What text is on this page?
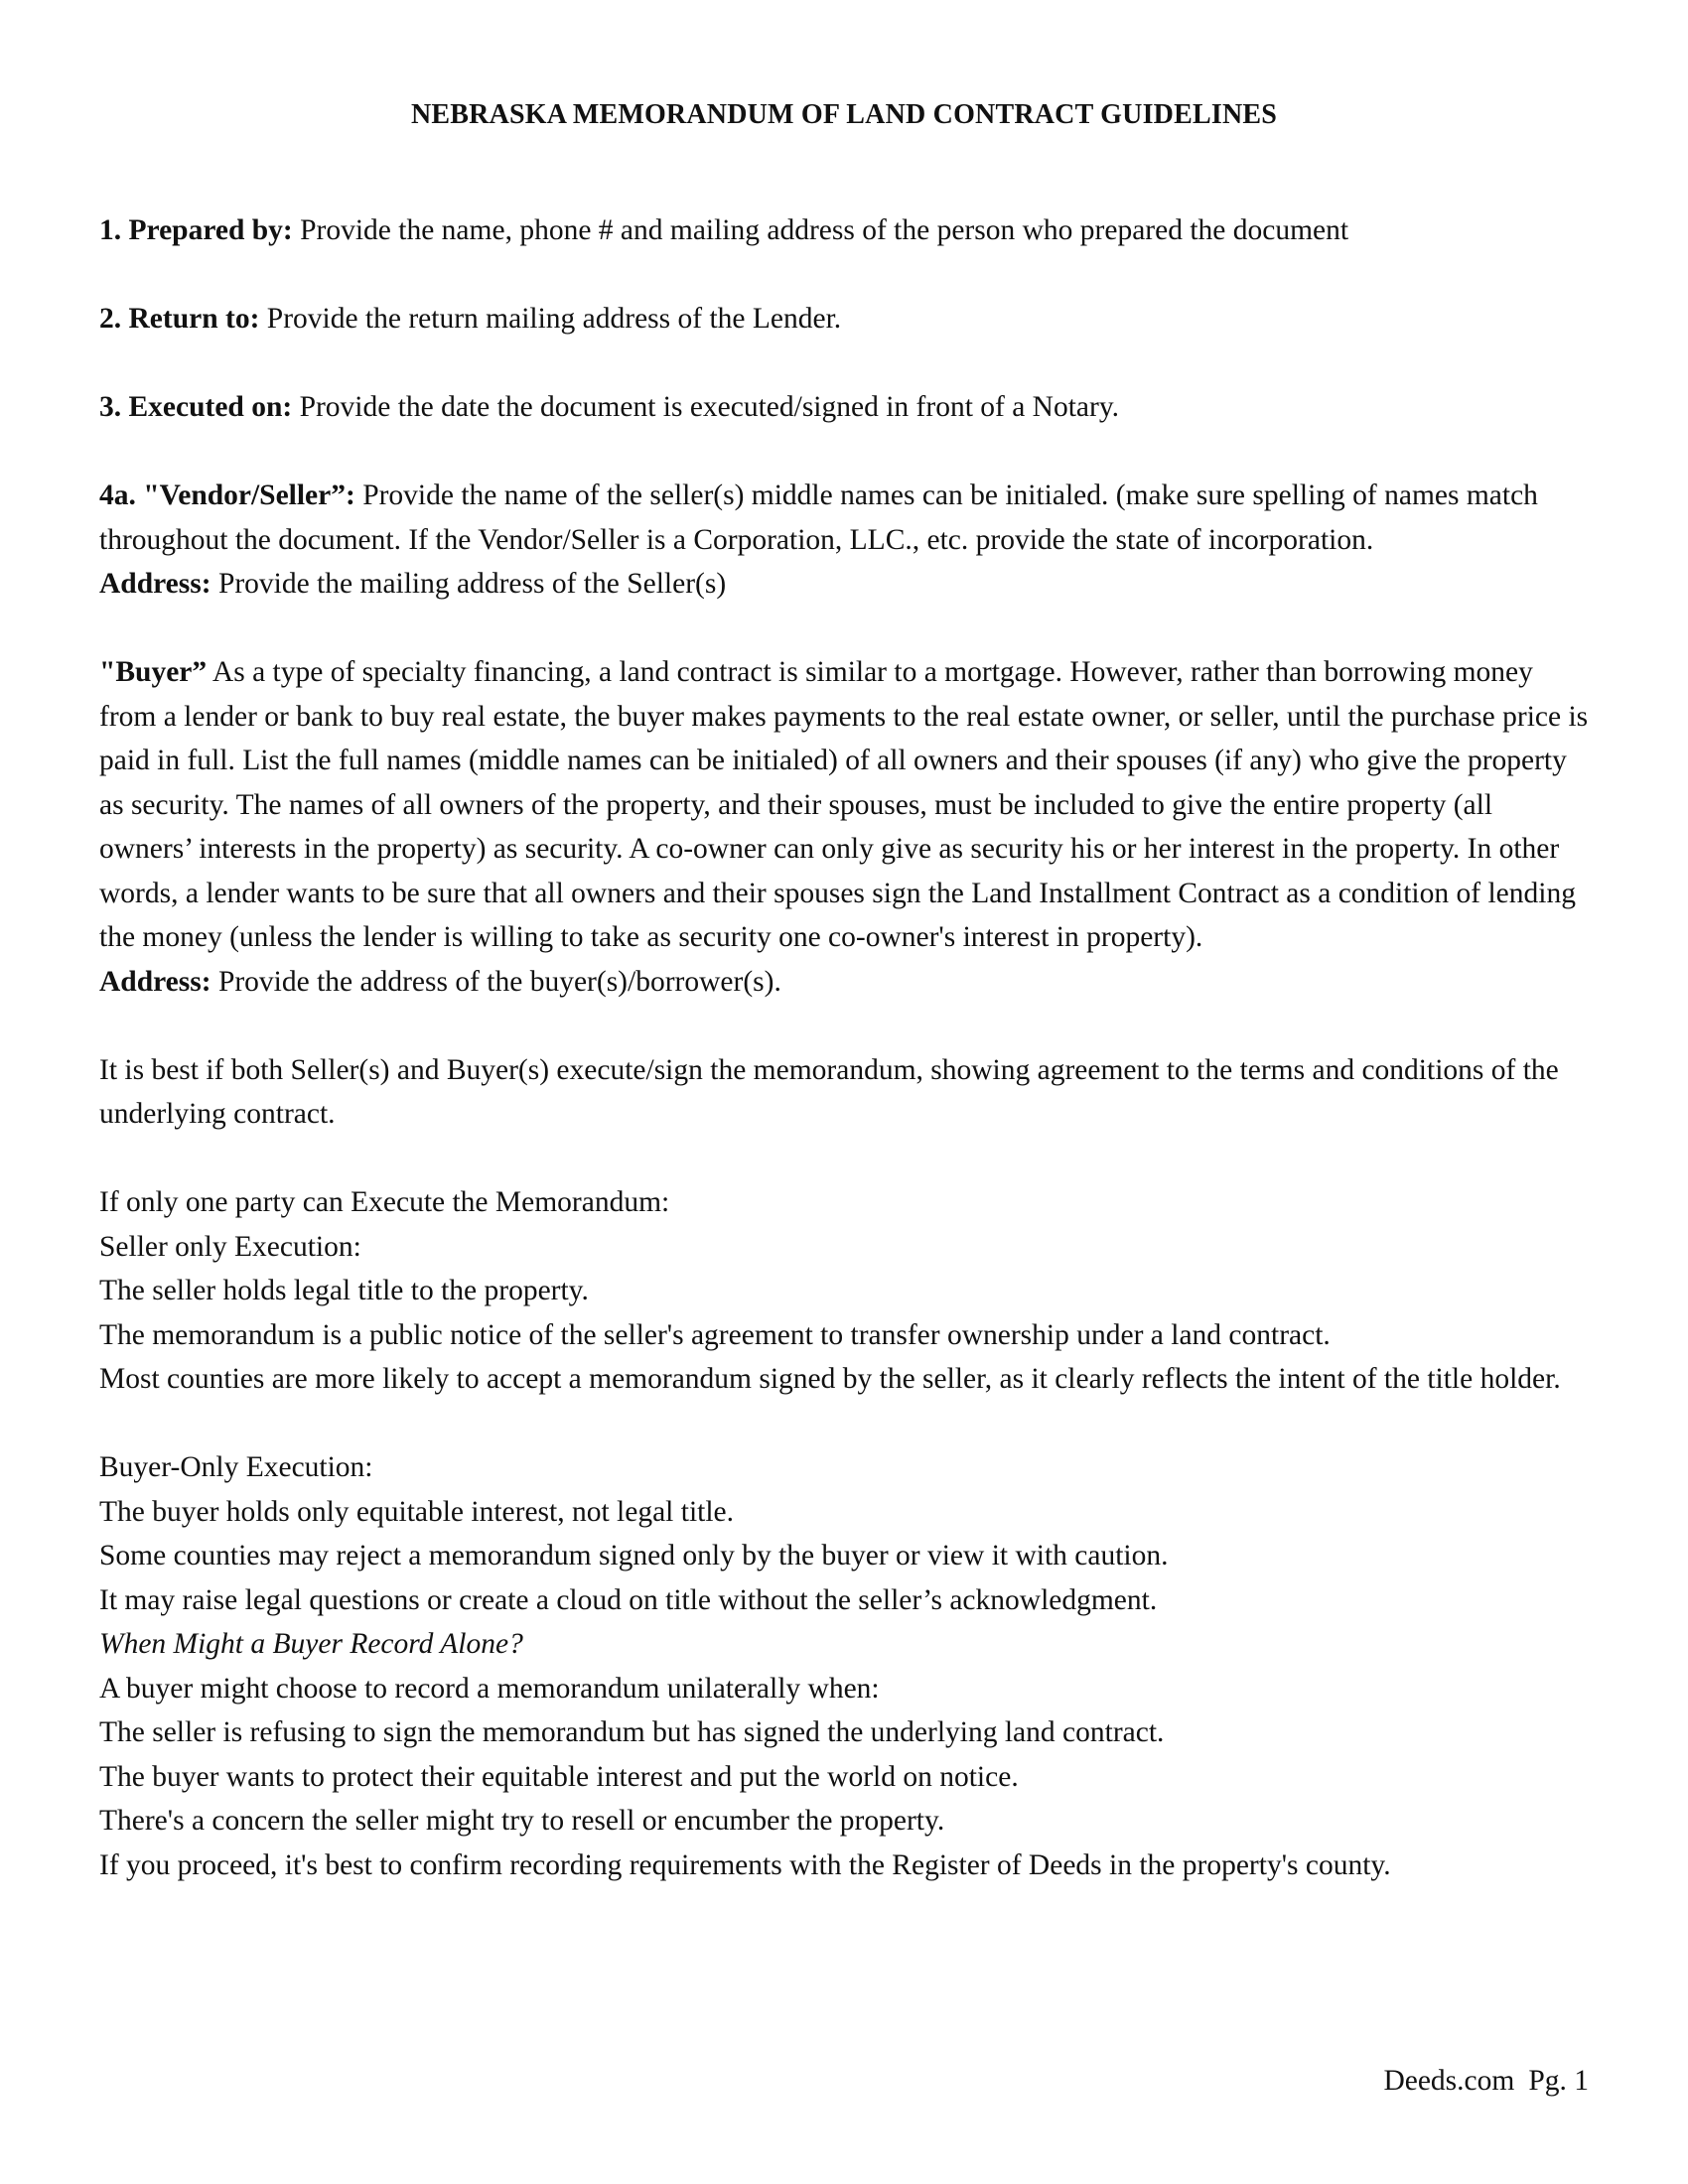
NEBRASKA MEMORANDUM OF LAND CONTRACT GUIDELINES

1. Prepared by: Provide the name, phone # and mailing address of the person who prepared the document

2. Return to: Provide the return mailing address of the Lender.

3. Executed on: Provide the date the document is executed/signed in front of a Notary.

4a. "Vendor/Seller”: Provide the name of the seller(s) middle names can be initialed. (make sure spelling of names match throughout the document. If the Vendor/Seller is a Corporation, LLC., etc. provide the state of incorporation.

Address: Provide the mailing address of the Seller(s)

"Buyer” As a type of specialty financing, a land contract is similar to a mortgage. However, rather than borrowing money from a lender or bank to buy real estate, the buyer makes payments to the real estate owner, or seller, until the purchase price is paid in full. List the full names (middle names can be initialed) of all owners and their spouses (if any) who give the property as security. The names of all owners of the property, and their spouses, must be included to give the entire property (all owners’ interests in the property) as security. A co-owner can only give as security his or her interest in the property. In other words, a lender wants to be sure that all owners and their spouses sign the Land Installment Contract as a condition of lending the money (unless the lender is willing to take as security one co-owner's interest in property).

Address: Provide the address of the buyer(s)/borrower(s).

It is best if both Seller(s) and Buyer(s) execute/sign the memorandum, showing agreement to the terms and conditions of the underlying contract.

If only one party can Execute the Memorandum:
Seller only Execution:
The seller holds legal title to the property.
The memorandum is a public notice of the seller's agreement to transfer ownership under a land contract.
Most counties are more likely to accept a memorandum signed by the seller, as it clearly reflects the intent of the title holder.
Buyer-Only Execution:
The buyer holds only equitable interest, not legal title.
Some counties may reject a memorandum signed only by the buyer or view it with caution.
It may raise legal questions or create a cloud on title without the seller’s acknowledgment.
When Might a Buyer Record Alone?
A buyer might choose to record a memorandum unilaterally when:
The seller is refusing to sign the memorandum but has signed the underlying land contract.
The buyer wants to protect their equitable interest and put the world on notice.
There's a concern the seller might try to resell or encumber the property.
If you proceed, it's best to confirm recording requirements with the Register of Deeds in the property's county.
Deeds.com Pg. 1
